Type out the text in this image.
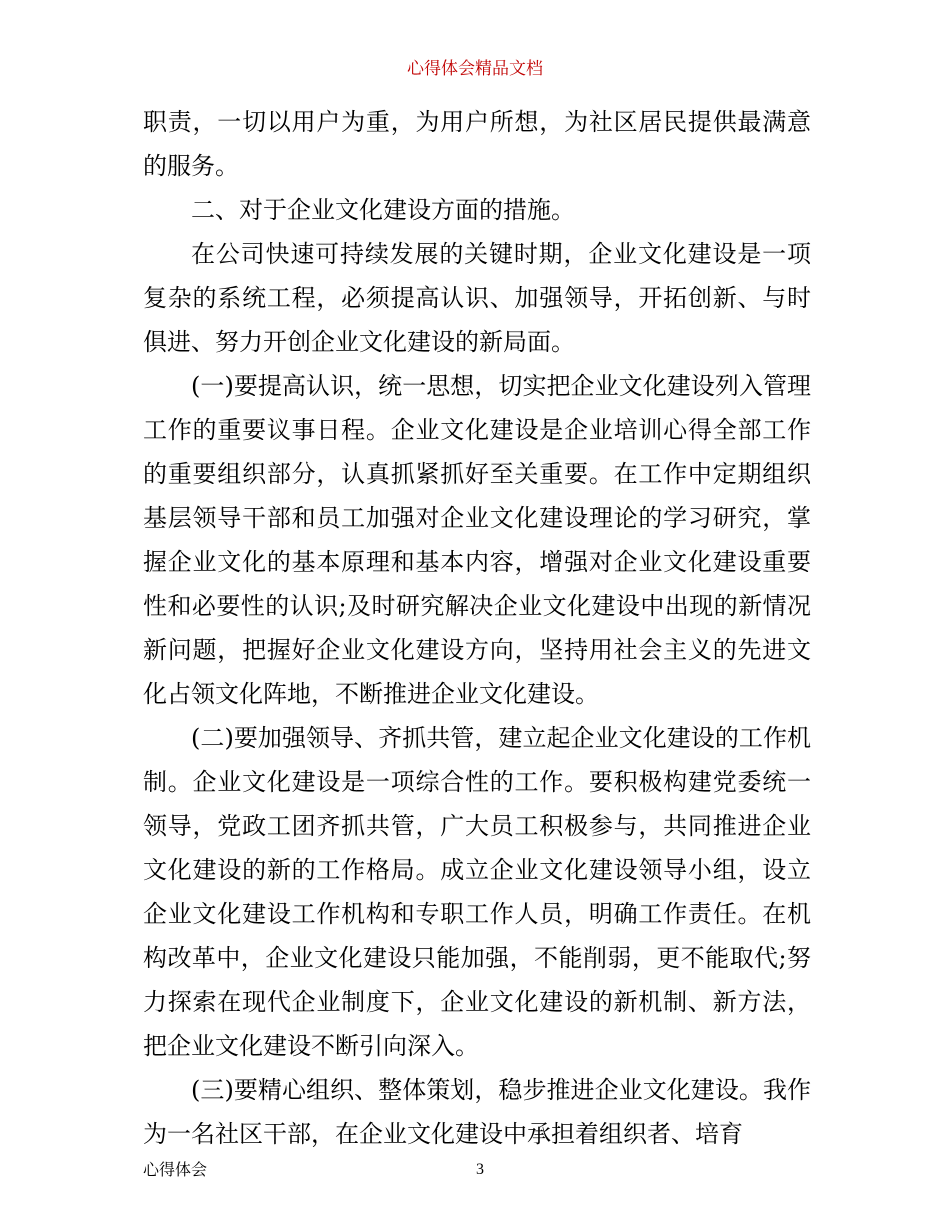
心得体会精品文档

职责，一切以用户为重，为用户所想，为社区居民提供最满意的服务。

二、对于企业文化建设方面的措施。

在公司快速可持续发展的关键时期，企业文化建设是一项复杂的系统工程，必须提高认识、加强领导，开拓创新、与时俱进、努力开创企业文化建设的新局面。

(一)要提高认识，统一思想，切实把企业文化建设列入管理工作的重要议事日程。企业文化建设是企业培训心得全部工作的重要组织部分，认真抓紧抓好至关重要。在工作中定期组织基层领导干部和员工加强对企业文化建设理论的学习研究，掌握企业文化的基本原理和基本内容，增强对企业文化建设重要性和必要性的认识;及时研究解决企业文化建设中出现的新情况新问题，把握好企业文化建设方向，坚持用社会主义的先进文化占领文化阵地，不断推进企业文化建设。

(二)要加强领导、齐抓共管，建立起企业文化建设的工作机制。企业文化建设是一项综合性的工作。要积极构建党委统一领导，党政工团齐抓共管，广大员工积极参与，共同推进企业文化建设的新的工作格局。成立企业文化建设领导小组，设立企业文化建设工作机构和专职工作人员，明确工作责任。在机构改革中，企业文化建设只能加强，不能削弱，更不能取代;努力探索在现代企业制度下，企业文化建设的新机制、新方法，把企业文化建设不断引向深入。

(三)要精心组织、整体策划，稳步推进企业文化建设。我作为一名社区干部，在企业文化建设中承担着组织者、培育

心得体会	3
